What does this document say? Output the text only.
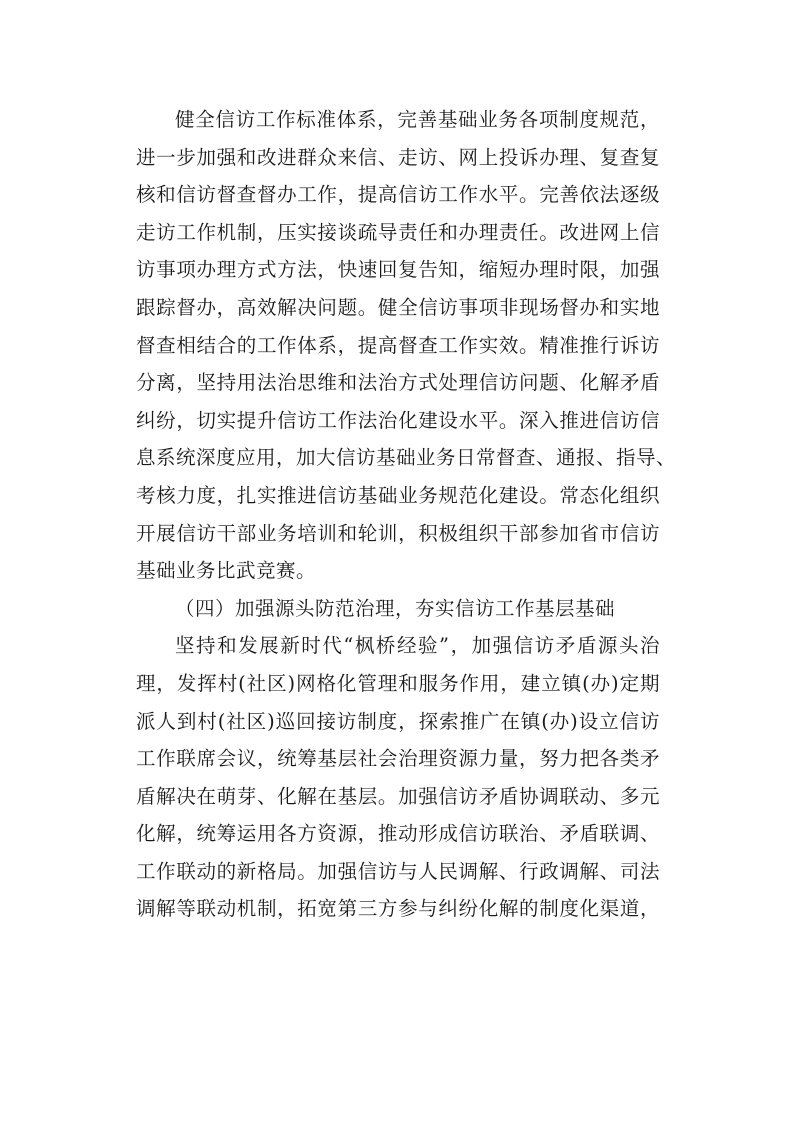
健全信访工作标准体系，完善基础业务各项制度规范，
进一步加强和改进群众来信、走访、网上投诉办理、复查复
核和信访督查督办工作，提高信访工作水平。完善依法逐级
走访工作机制，压实接谈疏导责任和办理责任。改进网上信
访事项办理方式方法，快速回复告知，缩短办理时限，加强
跟踪督办，高效解决问题。健全信访事项非现场督办和实地
督查相结合的工作体系，提高督查工作实效。精准推行诉访
分离，坚持用法治思维和法治方式处理信访问题、化解矛盾
纠纷，切实提升信访工作法治化建设水平。深入推进信访信
息系统深度应用，加大信访基础业务日常督查、通报、指导、
考核力度，扎实推进信访基础业务规范化建设。常态化组织
开展信访干部业务培训和轮训，积极组织干部参加省市信访
基础业务比武竞赛。
（四）加强源头防范治理，夯实信访工作基层基础
坚持和发展新时代“枫桥经验”，加强信访矛盾源头治
理，发挥村(社区)网格化管理和服务作用，建立镇(办)定期
派人到村(社区)巡回接访制度，探索推广在镇(办)设立信访
工作联席会议，统筹基层社会治理资源力量，努力把各类矛
盾解决在萌芽、化解在基层。加强信访矛盾协调联动、多元
化解，统筹运用各方资源，推动形成信访联治、矛盾联调、
工作联动的新格局。加强信访与人民调解、行政调解、司法
调解等联动机制，拓宽第三方参与纠纷化解的制度化渠道，
